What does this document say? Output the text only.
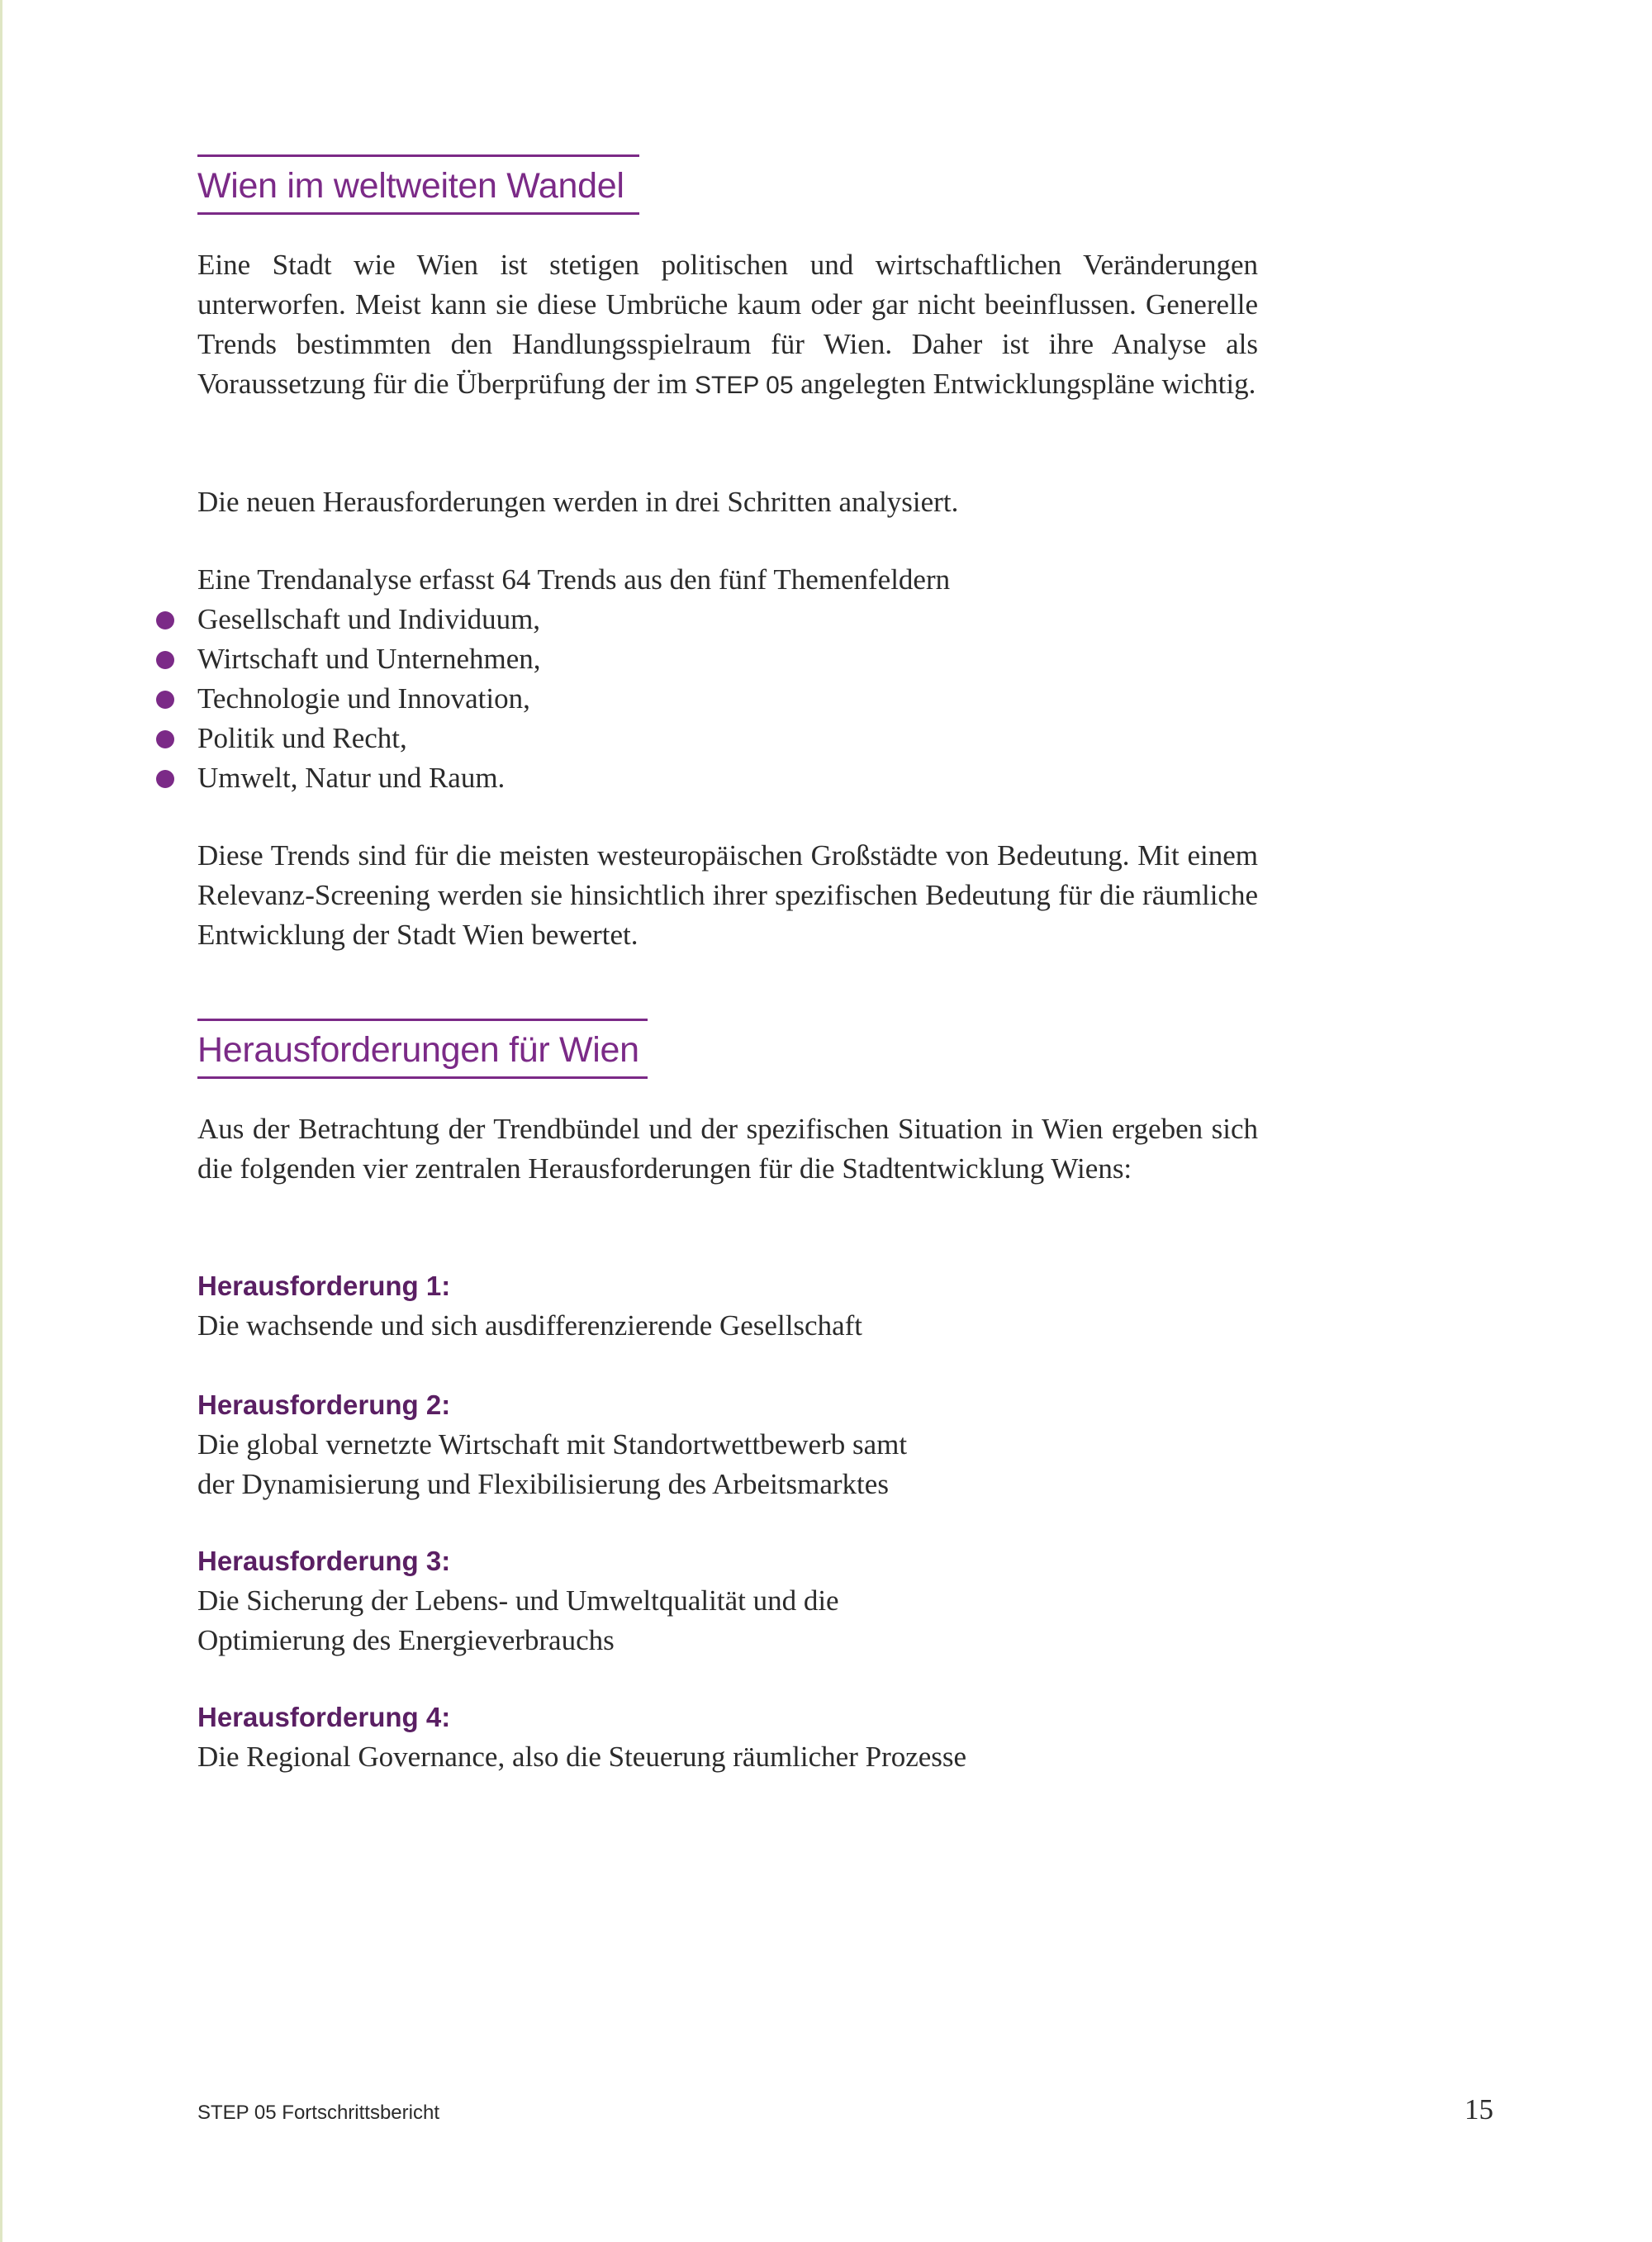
Wien im weltweiten Wandel

Eine Stadt wie Wien ist stetigen politischen und wirtschaftlichen Veränderungen unterworfen. Meist kann sie diese Umbrüche kaum oder gar nicht beeinflussen. Generelle Trends bestimmten den Handlungsspielraum für Wien. Daher ist ihre Analyse als Voraussetzung für die Überprüfung der im STEP 05 angelegten Entwicklungspläne wichtig.

Die neuen Herausforderungen werden in drei Schritten analysiert.

Eine Trendanalyse erfasst 64 Trends aus den fünf Themenfeldern

Gesellschaft und Individuum,
Wirtschaft und Unternehmen,
Technologie und Innovation,
Politik und Recht,
Umwelt, Natur und Raum.

Diese Trends sind für die meisten westeuropäischen Großstädte von Bedeutung. Mit einem Relevanz-Screening werden sie hinsichtlich ihrer spezifischen Bedeutung für die räumliche Entwicklung der Stadt Wien bewertet.

Herausforderungen für Wien

Aus der Betrachtung der Trendbündel und der spezifischen Situation in Wien ergeben sich die folgenden vier zentralen Herausforderungen für die Stadtentwicklung Wiens:

Herausforderung 1:
Die wachsende und sich ausdifferenzierende Gesellschaft
Herausforderung 2:
Die global vernetzte Wirtschaft mit Standortwettbewerb samt
der Dynamisierung und Flexibilisierung des Arbeitsmarktes
Herausforderung 3:
Die Sicherung der Lebens- und Umweltqualität und die
Optimierung des Energieverbrauchs
Herausforderung 4:
Die Regional Governance, also die Steuerung räumlicher Prozesse
STEP 05 Fortschrittsbericht	15
